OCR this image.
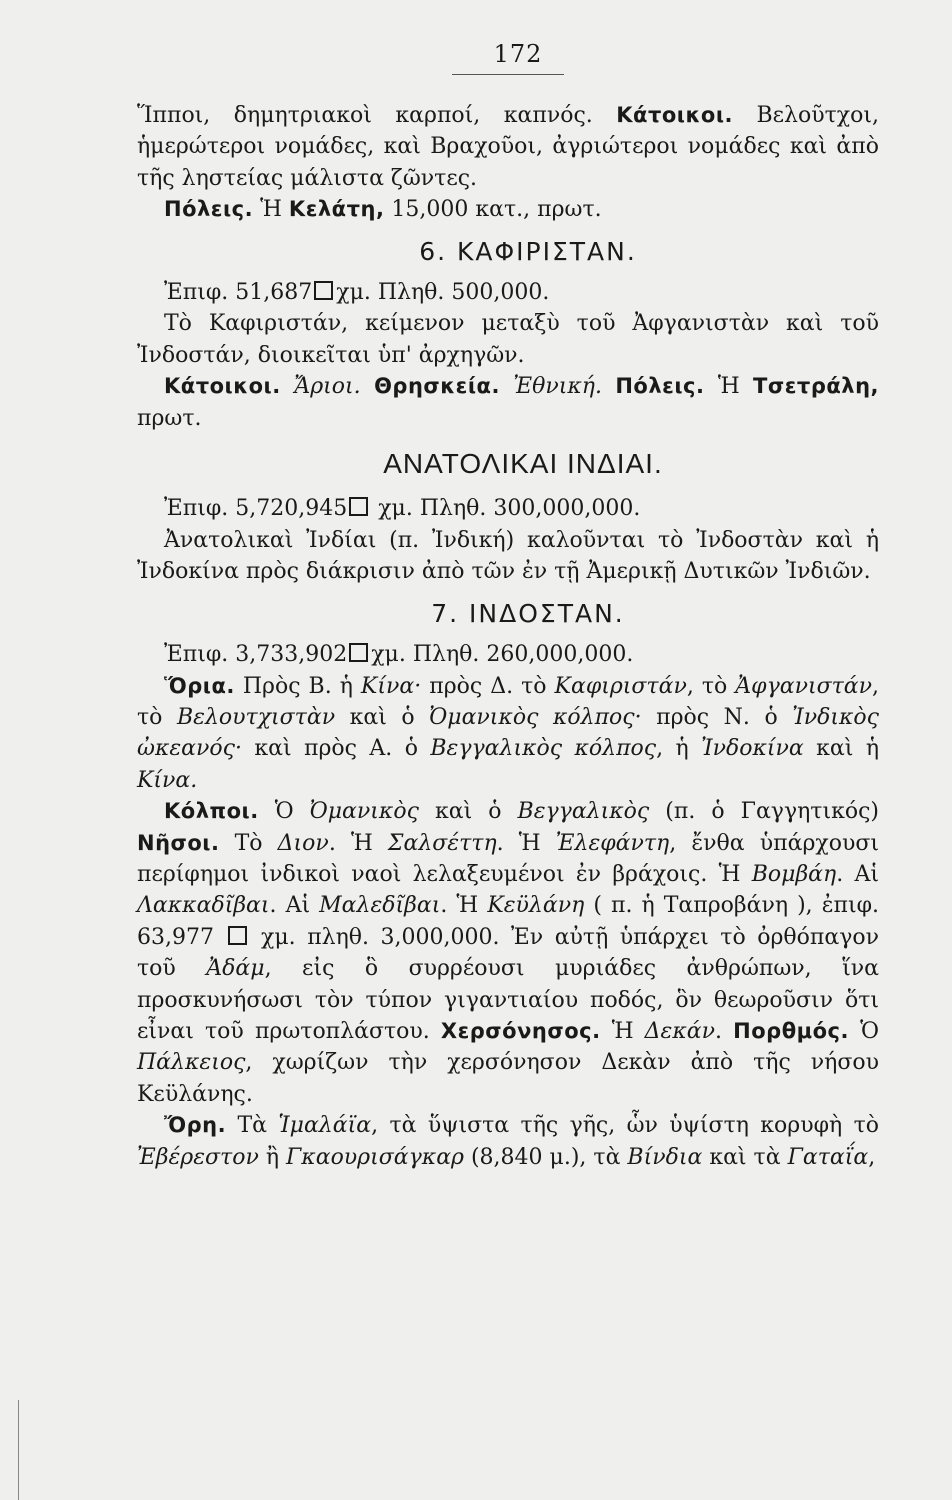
172

Ἵπποι, δημητριακοὶ καρποί, καπνός. Κάτοικοι. Βελοῦτχοι, ἡμερώτεροι νομάδες, καὶ Βραχοῦοι, ἀγριώτεροι νομάδες καὶ ἀπὸ τῆς ληστείας μάλιστα ζῶντες.

Πόλεις. Ἡ Κελάτη, 15,000 κατ., πρωτ.

6. ΚΑΦΙΡΙΣΤΑΝ.

Ἐπιφ. 51,687 χμ. Πληθ. 500,000.

Τὸ Καφιριστάν, κείμενον μεταξὺ τοῦ Ἀφγανιστὰν καὶ τοῦ Ἰνδοστάν, διοικεῖται ὑπ' ἀρχηγῶν.

Κάτοικοι. Ἄριοι. Θρησκεία. Ἐθνική. Πόλεις. Ἡ Τσετράλη, πρωτ.

ΑΝΑΤΟΛΙΚΑΙ ΙΝΔΙΑΙ.

Ἐπιφ. 5,720,945 χμ. Πληθ. 300,000,000.

Ἀνατολικαὶ Ἰνδίαι (π. Ἰνδική) καλοῦνται τὸ Ἰνδοστὰν καὶ ἡ Ἰνδοκίνα πρὸς διάκρισιν ἀπὸ τῶν ἐν τῇ Ἀμερικῇ Δυτικῶν Ἰνδιῶν.

7. ΙΝΔΟΣΤΑΝ.

Ἐπιφ. 3,733,902 χμ. Πληθ. 260,000,000.

Ὅρια. Πρὸς Β. ἡ Κίνα· πρὸς Δ. τὸ Καφιριστάν, τὸ Ἀφγανιστάν, τὸ Βελουτχιστὰν καὶ ὁ Ὀμανικὸς κόλπος· πρὸς Ν. ὁ Ἰνδικὸς ὠκεανός· καὶ πρὸς Α. ὁ Βεγγαλικὸς κόλπος, ἡ Ἰνδοκίνα καὶ ἡ Κίνα.

Κόλποι. Ὁ Ὀμανικὸς καὶ ὁ Βεγγαλικὸς (π. ὁ Γαγγητικός) Νῆσοι. Τὸ Διον. Ἡ Σαλσέττη. Ἡ Ἐλεφάντη, ἔνθα ὑπάρχουσι περίφημοι ἰνδικοὶ ναοὶ λελαξευμένοι ἐν βράχοις. Ἡ Βομβάη. Αἱ Λακκαδῖβαι. Αἱ Μαλεδῖβαι. Ἡ Κεϋλάνη ( π. ἡ Ταπροβάνη ), ἐπιφ. 63,977  χμ. πληθ. 3,000,000. Ἐν αὐτῇ ὑπάρχει τὸ ὀρθόπαγον τοῦ Ἀδάμ, εἰς ὃ συρρέουσι μυριάδες ἀνθρώπων, ἵνα προσκυνήσωσι τὸν τύπον γιγαντιαίου ποδός, ὃν θεωροῦσιν ὅτι εἶναι τοῦ πρωτοπλάστου. Χερσόνησος. Ἡ Δεκάν. Πορθμός. Ὁ Πάλκειος, χωρίζων τὴν χερσόνησον Δεκὰν ἀπὸ τῆς νήσου Κεϋλάνης.

Ὄρη. Τὰ Ἱμαλάϊα, τὰ ὕψιστα τῆς γῆς, ὧν ὑψίστη κορυφὴ τὸ Ἐβέρεστον ἢ Γκαουρισάγκαρ (8,840 μ.), τὰ Βίνδια καὶ τὰ Γαταΐα,
